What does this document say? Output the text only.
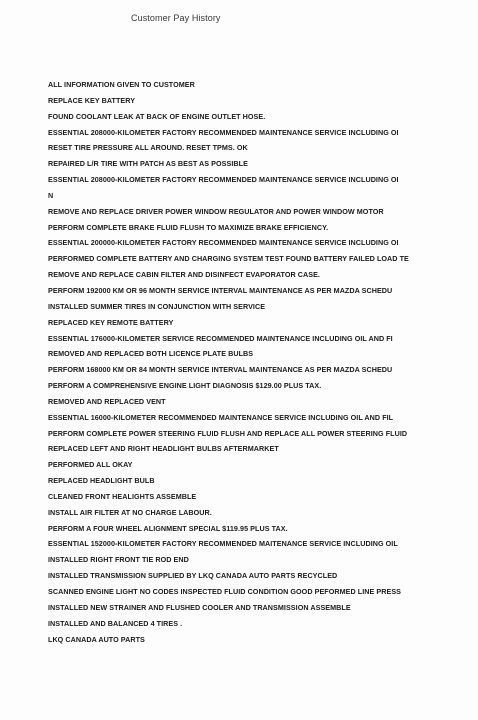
Customer Pay History
ALL INFORMATION GIVEN TO CUSTOMER
REPLACE KEY BATTERY
FOUND COOLANT LEAK AT BACK OF ENGINE OUTLET HOSE.
ESSENTIAL 208000-KILOMETER FACTORY RECOMMENDED MAINTENANCE SERVICE INCLUDING OI
RESET TIRE PRESSURE ALL AROUND. RESET TPMS. OK
REPAIRED L/R TIRE WITH PATCH AS BEST AS POSSIBLE
ESSENTIAL 208000-KILOMETER FACTORY RECOMMENDED MAINTENANCE SERVICE INCLUDING OI
N
REMOVE AND REPLACE DRIVER POWER WINDOW REGULATOR AND POWER WINDOW MOTOR
PERFORM COMPLETE BRAKE FLUID FLUSH TO MAXIMIZE BRAKE EFFICIENCY.
ESSENTIAL 200000-KILOMETER FACTORY RECOMMENDED MAINTENANCE SERVICE INCLUDING OI
PERFORMED COMPLETE BATTERY AND CHARGING SYSTEM TEST FOUND BATTERY FAILED LOAD TE
REMOVE AND REPLACE CABIN FILTER AND DISINFECT EVAPORATOR CASE.
PERFORM 192000 KM OR 96 MONTH SERVICE INTERVAL MAINTENANCE AS PER MAZDA SCHEDU
INSTALLED SUMMER TIRES IN CONJUNCTION WITH SERVICE
REPLACED KEY REMOTE BATTERY
ESSENTIAL 176000-KILOMETER SERVICE RECOMMENDED MAINTENANCE INCLUDING OIL AND FI
REMOVED AND REPLACED BOTH LICENCE PLATE BULBS
PERFORM 168000 KM OR 84 MONTH SERVICE INTERVAL MAINTENANCE AS PER MAZDA SCHEDU
PERFORM A COMPREHENSIVE ENGINE LIGHT DIAGNOSIS $129.00 PLUS TAX.
REMOVED AND REPLACED VENT
ESSENTIAL 16000-KILOMETER RECOMMENDED MAINTENANCE SERVICE INCLUDING OIL AND FIL
PERFORM COMPLETE POWER STEERING FLUID FLUSH AND REPLACE ALL POWER STEERING FLUID
REPLACED LEFT AND RIGHT HEADLIGHT BULBS AFTERMARKET
PERFORMED ALL OKAY
REPLACED HEADLIGHT BULB
CLEANED FRONT HEALIGHTS ASSEMBLE
INSTALL AIR FILTER AT NO CHARGE LABOUR.
PERFORM A FOUR WHEEL ALIGNMENT SPECIAL $119.95 PLUS TAX.
ESSENTIAL 152000-KILOMETER FACTORY RECOMMENDED MAITENANCE SERVICE INCLUDING OIL
INSTALLED RIGHT FRONT TIE ROD END
INSTALLED TRANSMISSION SUPPLIED BY LKQ CANADA AUTO PARTS RECYCLED
SCANNED ENGINE LIGHT NO CODES INSPECTED FLUID CONDITION GOOD PEFORMED LINE PRESS
INSTALLED NEW STRAINER AND FLUSHED COOLER AND TRANSMISSION ASSEMBLE
INSTALLED AND BALANCED 4 TIRES .
LKQ CANADA AUTO PARTS
